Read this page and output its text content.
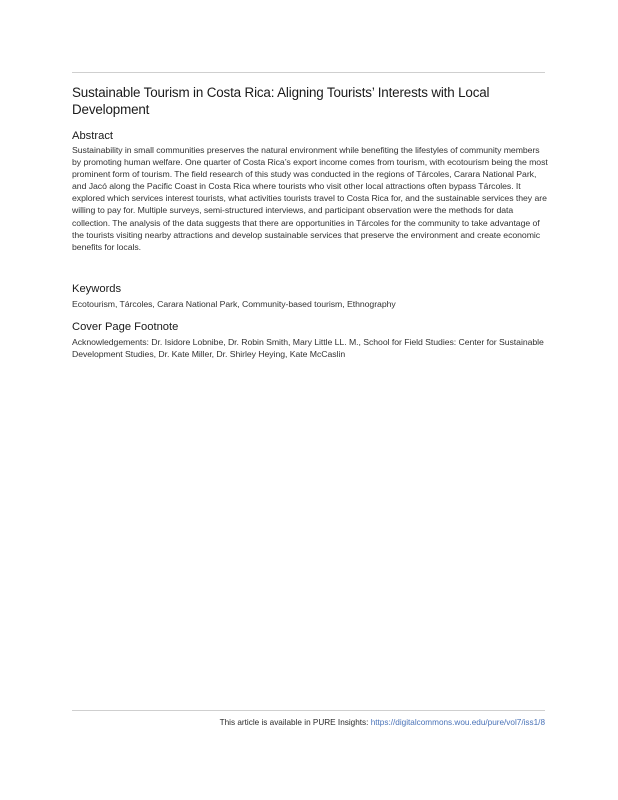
Sustainable Tourism in Costa Rica: Aligning Tourists’ Interests with Local Development
Abstract
Sustainability in small communities preserves the natural environment while benefiting the lifestyles of community members by promoting human welfare. One quarter of Costa Rica’s export income comes from tourism, with ecotourism being the most prominent form of tourism. The field research of this study was conducted in the regions of Tárcoles, Carara National Park, and Jacó along the Pacific Coast in Costa Rica where tourists who visit other local attractions often bypass Tárcoles. It explored which services interest tourists, what activities tourists travel to Costa Rica for, and the sustainable services they are willing to pay for. Multiple surveys, semi-structured interviews, and participant observation were the methods for data collection. The analysis of the data suggests that there are opportunities in Tárcoles for the community to take advantage of the tourists visiting nearby attractions and develop sustainable services that preserve the environment and create economic benefits for locals.
Keywords
Ecotourism, Tárcoles, Carara National Park, Community-based tourism, Ethnography
Cover Page Footnote
Acknowledgements: Dr. Isidore Lobnibe, Dr. Robin Smith, Mary Little LL. M., School for Field Studies: Center for Sustainable Development Studies, Dr. Kate Miller, Dr. Shirley Heying, Kate McCaslin
This article is available in PURE Insights: https://digitalcommons.wou.edu/pure/vol7/iss1/8
